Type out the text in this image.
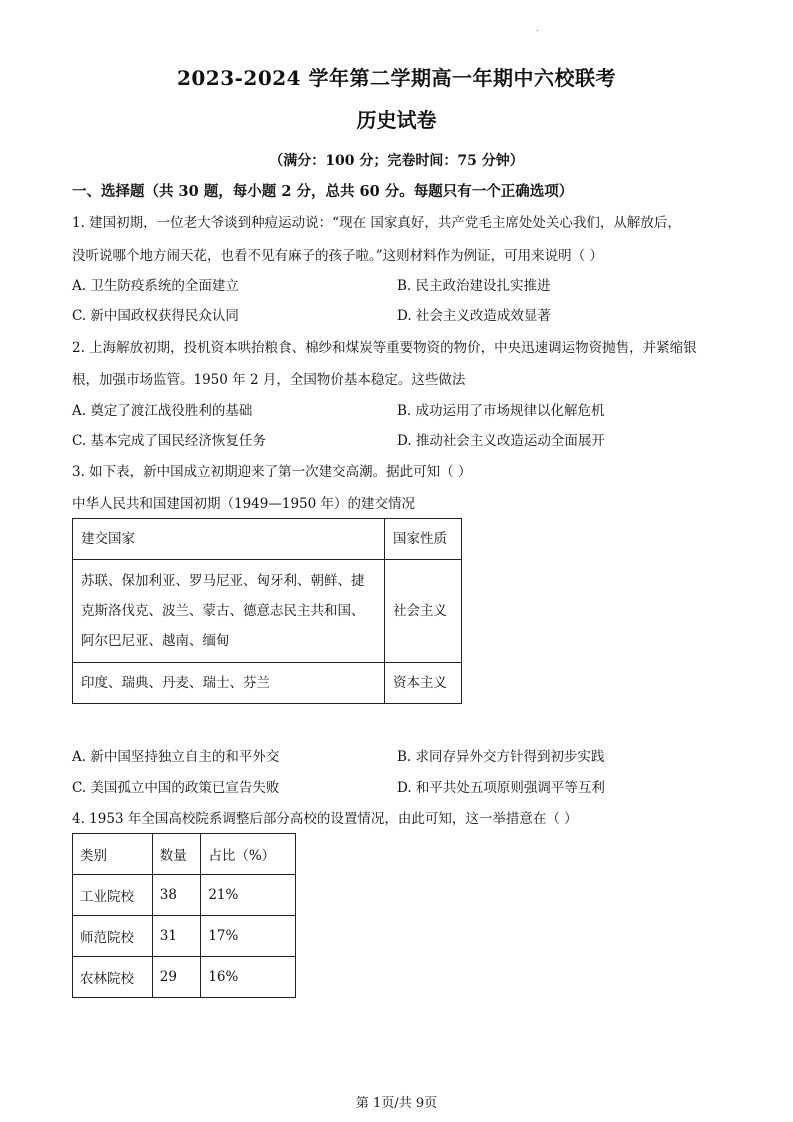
.
2023-2024 学年第二学期高一年期中六校联考
历史试卷
（满分：100 分；完卷时间：75 分钟）
一、选择题（共 30 题，每小题 2 分，总共 60 分。每题只有一个正确选项）
1. 建国初期，一位老大爷谈到种痘运动说：“现在 国家真好，共产党毛主席处处关心我们，从解放后，
没听说哪个地方闹天花，也看不见有麻子的孩子啦。”这则材料作为例证，可用来说明（ ）
A. 卫生防疫系统的全面建立	B. 民主政治建设扎实推进
C. 新中国政权获得民众认同	D. 社会主义改造成效显著
2. 上海解放初期，投机资本哄抬粮食、棉纱和煤炭等重要物资的物价，中央迅速调运物资抛售，并紧缩银
根，加强市场监管。1950 年 2 月，全国物价基本稳定。这些做法
A. 奠定了渡江战役胜利的基础	B. 成功运用了市场规律以化解危机
C. 基本完成了国民经济恢复任务	D. 推动社会主义改造运动全面展开
3. 如下表，新中国成立初期迎来了第一次建交高潮。据此可知（ ）
中华人民共和国建国初期（1949—1950 年）的建交情况
建交国家	国家性质

苏联、保加利亚、罗马尼亚、匈牙利、朝鲜、捷
克斯洛伐克、波兰、蒙古、德意志民主共和国、
阿尔巴尼亚、越南、缅甸	社会主义
印度、瑞典、丹麦、瑞士、芬兰	资本主义
A. 新中国坚持独立自主的和平外交	B. 求同存异外交方针得到初步实践
C. 美国孤立中国的政策已宣告失败	D. 和平共处五项原则强调平等互利
4. 1953 年全国高校院系调整后部分高校的设置情况，由此可知，这一举措意在（ ）
类别	数量	占比（%）
工业院校	38	21%
师范院校	31	17%
农林院校	29	16%
第 1页/共 9页
